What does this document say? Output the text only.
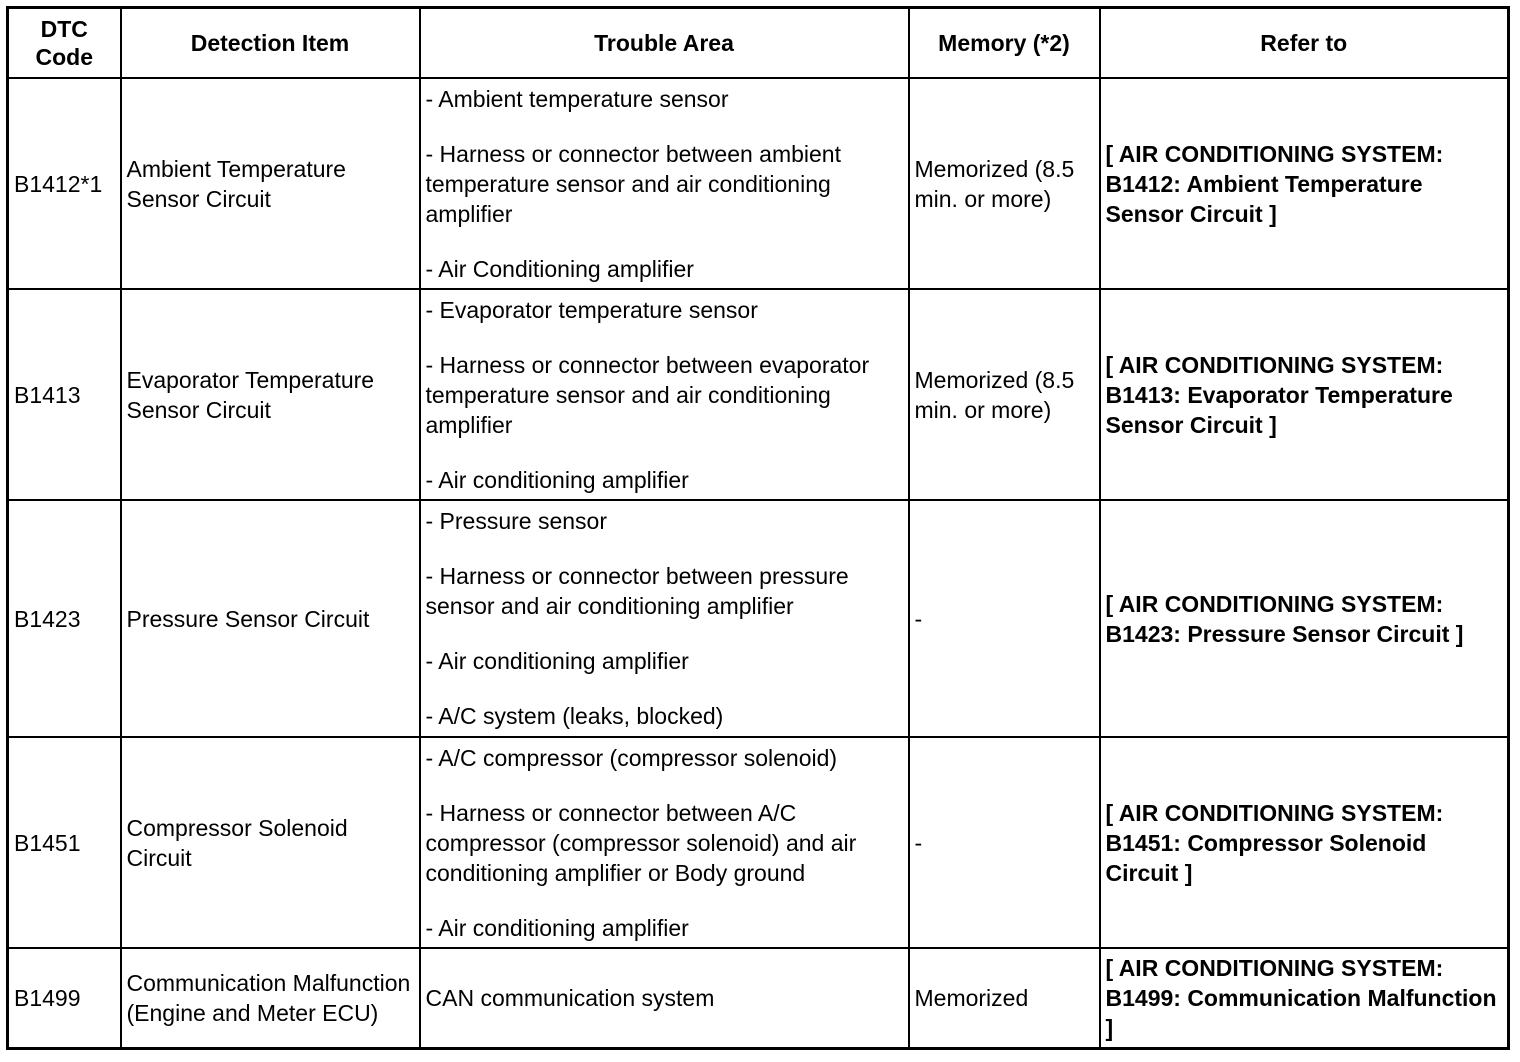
DTC
Code	Detection Item	Trouble Area	Memory (*2)	Refer to
B1412*1	Ambient Temperature Sensor Circuit	- Ambient temperature sensor
- Harness or connector between ambient temperature sensor and air conditioning amplifier
- Air Conditioning amplifier	Memorized (8.5 min. or more)	[ AIR CONDITIONING SYSTEM: B1412: Ambient Temperature Sensor Circuit ]
B1413	Evaporator Temperature Sensor Circuit	- Evaporator temperature sensor
- Harness or connector between evaporator temperature sensor and air conditioning amplifier
- Air conditioning amplifier	Memorized (8.5 min. or more)	[ AIR CONDITIONING SYSTEM: B1413: Evaporator Temperature Sensor Circuit ]
B1423	Pressure Sensor Circuit	- Pressure sensor
- Harness or connector between pressure sensor and air conditioning amplifier
- Air conditioning amplifier
- A/C system (leaks, blocked)	-	[ AIR CONDITIONING SYSTEM: B1423: Pressure Sensor Circuit ]
B1451	Compressor Solenoid Circuit	- A/C compressor (compressor solenoid)
- Harness or connector between A/C compressor (compressor solenoid) and air conditioning amplifier or Body ground
- Air conditioning amplifier	-	[ AIR CONDITIONING SYSTEM: B1451: Compressor Solenoid Circuit ]
B1499	Communication Malfunction (Engine and Meter ECU)	CAN communication system	Memorized	[ AIR CONDITIONING SYSTEM: B1499: Communication Malfunction ]
